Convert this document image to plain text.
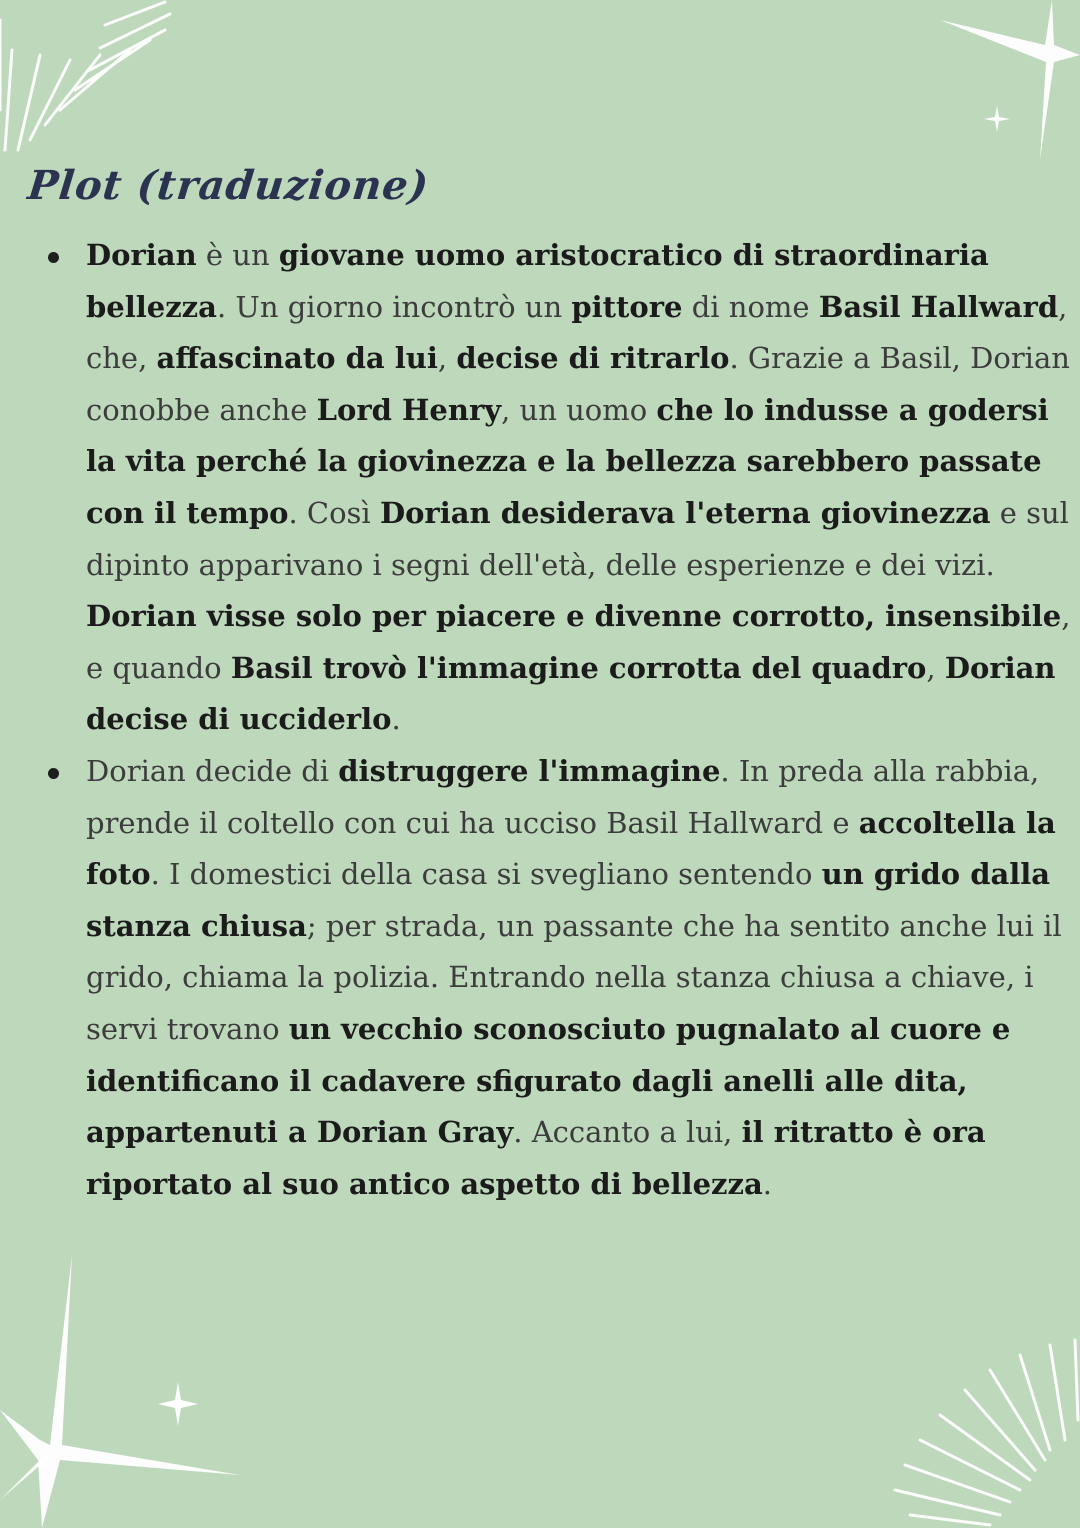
Plot (traduzione)
Dorian è un giovane uomo aristocratico di straordinaria bellezza. Un giorno incontrò un pittore di nome Basil Hallward, che, affascinato da lui, decise di ritrarlo. Grazie a Basil, Dorian conobbe anche Lord Henry, un uomo che lo indusse a godersi la vita perché la giovinezza e la bellezza sarebbero passate con il tempo. Così Dorian desiderava l'eterna giovinezza e sul dipinto apparivano i segni dell'età, delle esperienze e dei vizi. Dorian visse solo per piacere e divenne corrotto, insensibile, e quando Basil trovò l'immagine corrotta del quadro, Dorian decise di ucciderlo.
Dorian decide di distruggere l'immagine. In preda alla rabbia, prende il coltello con cui ha ucciso Basil Hallward e accoltella la foto. I domestici della casa si svegliano sentendo un grido dalla stanza chiusa; per strada, un passante che ha sentito anche lui il grido, chiama la polizia. Entrando nella stanza chiusa a chiave, i servi trovano un vecchio sconosciuto pugnalato al cuore e identificano il cadavere sfigurato dagli anelli alle dita, appartenuti a Dorian Gray. Accanto a lui, il ritratto è ora riportato al suo antico aspetto di bellezza.
